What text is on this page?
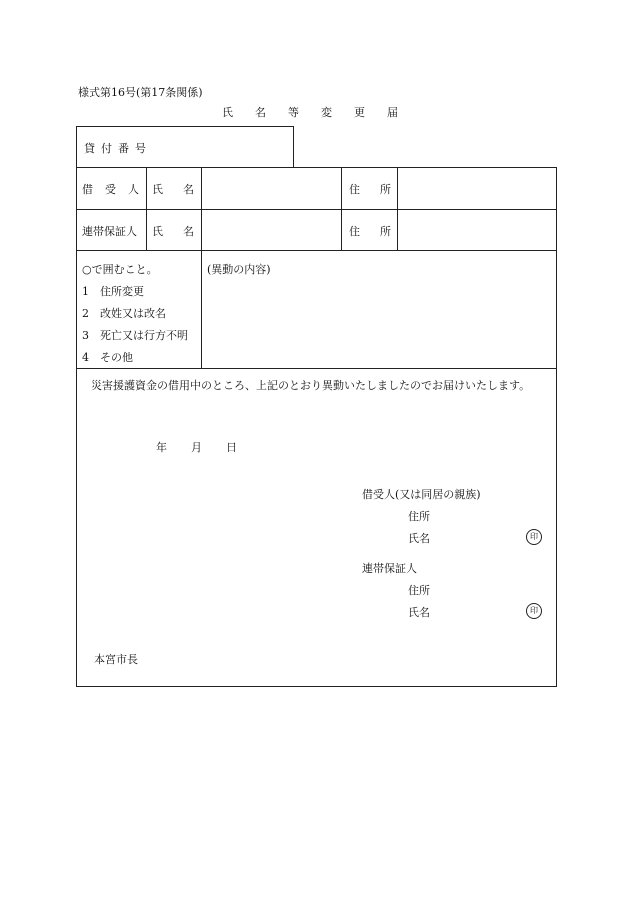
様式第16号(第17条関係)
氏名等変更届
貸付番号
借受人 氏名	住所
連帯保証人 氏名	住所
○で囲むこと。
1　住所変更
2　改姓又は改名
3　死亡又は行方不明
4　その他
(異動の内容)
災害援護資金の借用中のところ、上記のとおり異動いたしましたのでお届けいたします。
年 月 日
借受人(又は同居の親族)
住所
氏名	印
連帯保証人
住所
氏名	印
本宮市長
